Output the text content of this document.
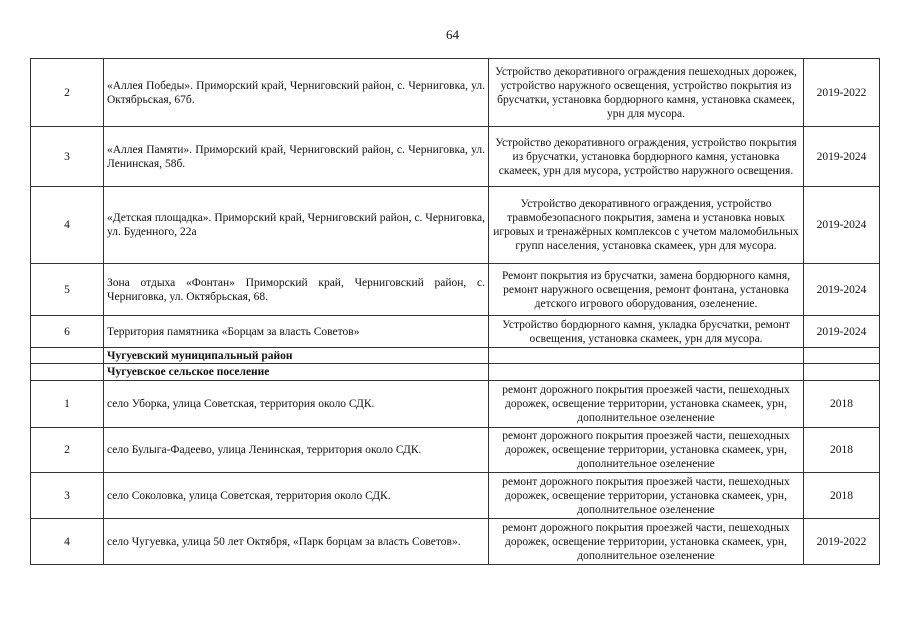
64
2	«Аллея Победы». Приморский край, Черниговский район, с. Черниговка, ул. Октябрьская, 67б.	Устройство декоративного ограждения пешеходных дорожек, устройство наружного освещения, устройство покрытия из брусчатки, установка бордюрного камня, установка скамеек, урн для мусора.	2019-2022
3	«Аллея Памяти». Приморский край, Черниговский район, с. Черниговка, ул. Ленинская, 58б.	Устройство декоративного ограждения, устройство покрытия из брусчатки, установка бордюрного камня, установка скамеек, урн для мусора, устройство наружного освещения.	2019-2024
4	«Детская площадка». Приморский край, Черниговский район, с. Черниговка, ул. Буденного, 22а	Устройство декоративного ограждения, устройство травмобезопасного покрытия, замена и установка новых игровых и тренажёрных комплексов с учетом маломобильных групп населения, установка скамеек, урн для мусора.	2019-2024
5	Зона отдыха «Фонтан» Приморский край, Черниговский район, с. Черниговка, ул. Октябрьская, 68.	Ремонт покрытия из брусчатки, замена бордюрного камня, ремонт наружного освещения, ремонт фонтана, установка детского игрового оборудования, озеленение.	2019-2024
6	Территория памятника «Борцам за власть Советов»	Устройство бордюрного камня, укладка брусчатки, ремонт освещения, установка скамеек, урн для мусора.	2019-2024
	Чугуевский муниципальный район		
	Чугуевское сельское поселение		
1	село Уборка, улица Советская, территория около СДК.	ремонт дорожного покрытия проезжей части, пешеходных дорожек, освещение территории, установка скамеек, урн, дополнительное озеленение	2018
2	село Булыга-Фадеево, улица Ленинская, территория около СДК.	ремонт дорожного покрытия проезжей части, пешеходных дорожек, освещение территории, установка скамеек, урн, дополнительное озеленение	2018
3	село Соколовка, улица Советская, территория около СДК.	ремонт дорожного покрытия проезжей части, пешеходных дорожек, освещение территории, установка скамеек, урн, дополнительное озеленение	2018
4	село Чугуевка, улица 50 лет Октября, «Парк борцам за власть Советов».	ремонт дорожного покрытия проезжей части, пешеходных дорожек, освещение территории, установка скамеек, урн, дополнительное озеленение	2019-2022
